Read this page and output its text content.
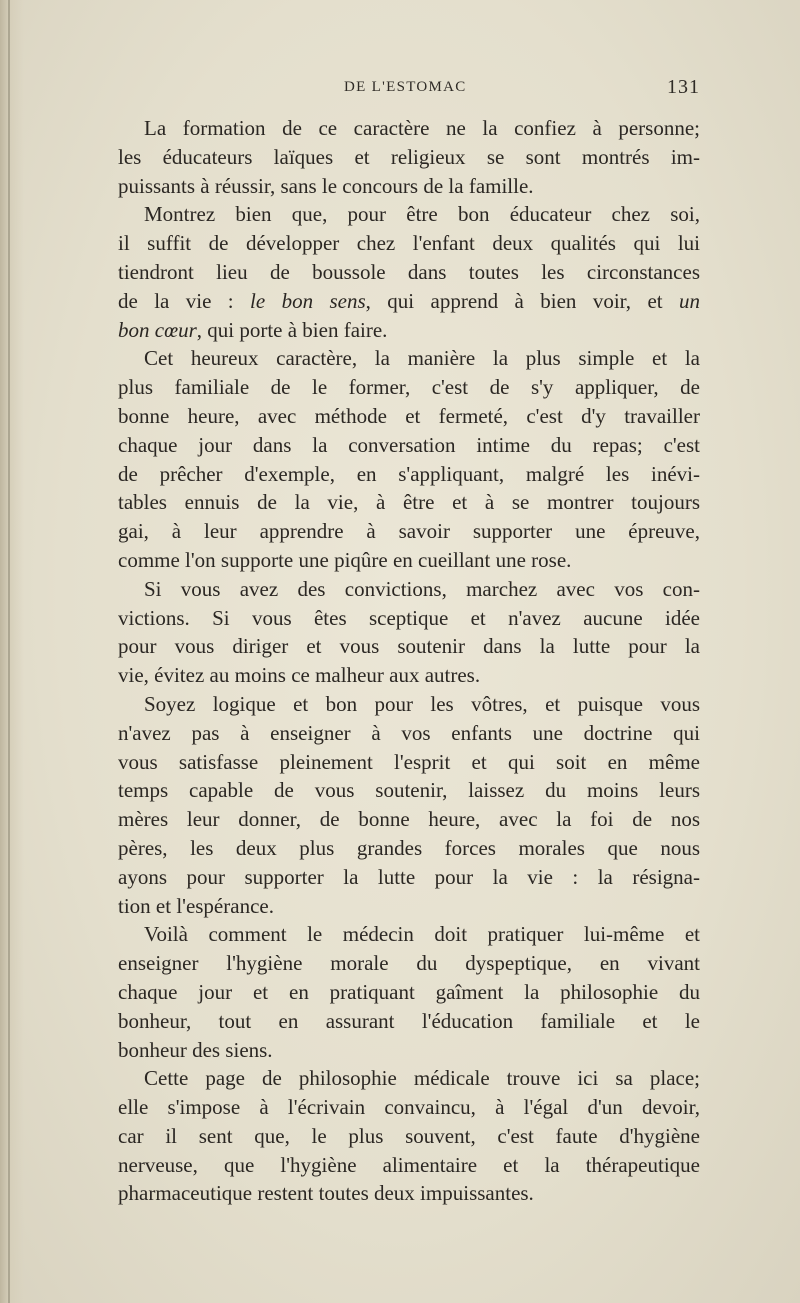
DE L'ESTOMAC	131
La formation de ce caractère ne la confiez à personne;
les éducateurs laïques et religieux se sont montrés im-
puissants à réussir, sans le concours de la famille.
Montrez bien que, pour être bon éducateur chez soi,
il suffit de développer chez l'enfant deux qualités qui lui
tiendront lieu de boussole dans toutes les circonstances
de la vie : le bon sens, qui apprend à bien voir, et un
bon cœur, qui porte à bien faire.
Cet heureux caractère, la manière la plus simple et la
plus familiale de le former, c'est de s'y appliquer, de
bonne heure, avec méthode et fermeté, c'est d'y travailler
chaque jour dans la conversation intime du repas; c'est
de prêcher d'exemple, en s'appliquant, malgré les inévi-
tables ennuis de la vie, à être et à se montrer toujours
gai, à leur apprendre à savoir supporter une épreuve,
comme l'on supporte une piqûre en cueillant une rose.
Si vous avez des convictions, marchez avec vos con-
victions. Si vous êtes sceptique et n'avez aucune idée
pour vous diriger et vous soutenir dans la lutte pour la
vie, évitez au moins ce malheur aux autres.
Soyez logique et bon pour les vôtres, et puisque vous
n'avez pas à enseigner à vos enfants une doctrine qui
vous satisfasse pleinement l'esprit et qui soit en même
temps capable de vous soutenir, laissez du moins leurs
mères leur donner, de bonne heure, avec la foi de nos
pères, les deux plus grandes forces morales que nous
ayons pour supporter la lutte pour la vie : la résigna-
tion et l'espérance.
Voilà comment le médecin doit pratiquer lui-même et
enseigner l'hygiène morale du dyspeptique, en vivant
chaque jour et en pratiquant gaîment la philosophie du
bonheur, tout en assurant l'éducation familiale et le
bonheur des siens.
Cette page de philosophie médicale trouve ici sa place;
elle s'impose à l'écrivain convaincu, à l'égal d'un devoir,
car il sent que, le plus souvent, c'est faute d'hygiène
nerveuse, que l'hygiène alimentaire et la thérapeutique
pharmaceutique restent toutes deux impuissantes.
